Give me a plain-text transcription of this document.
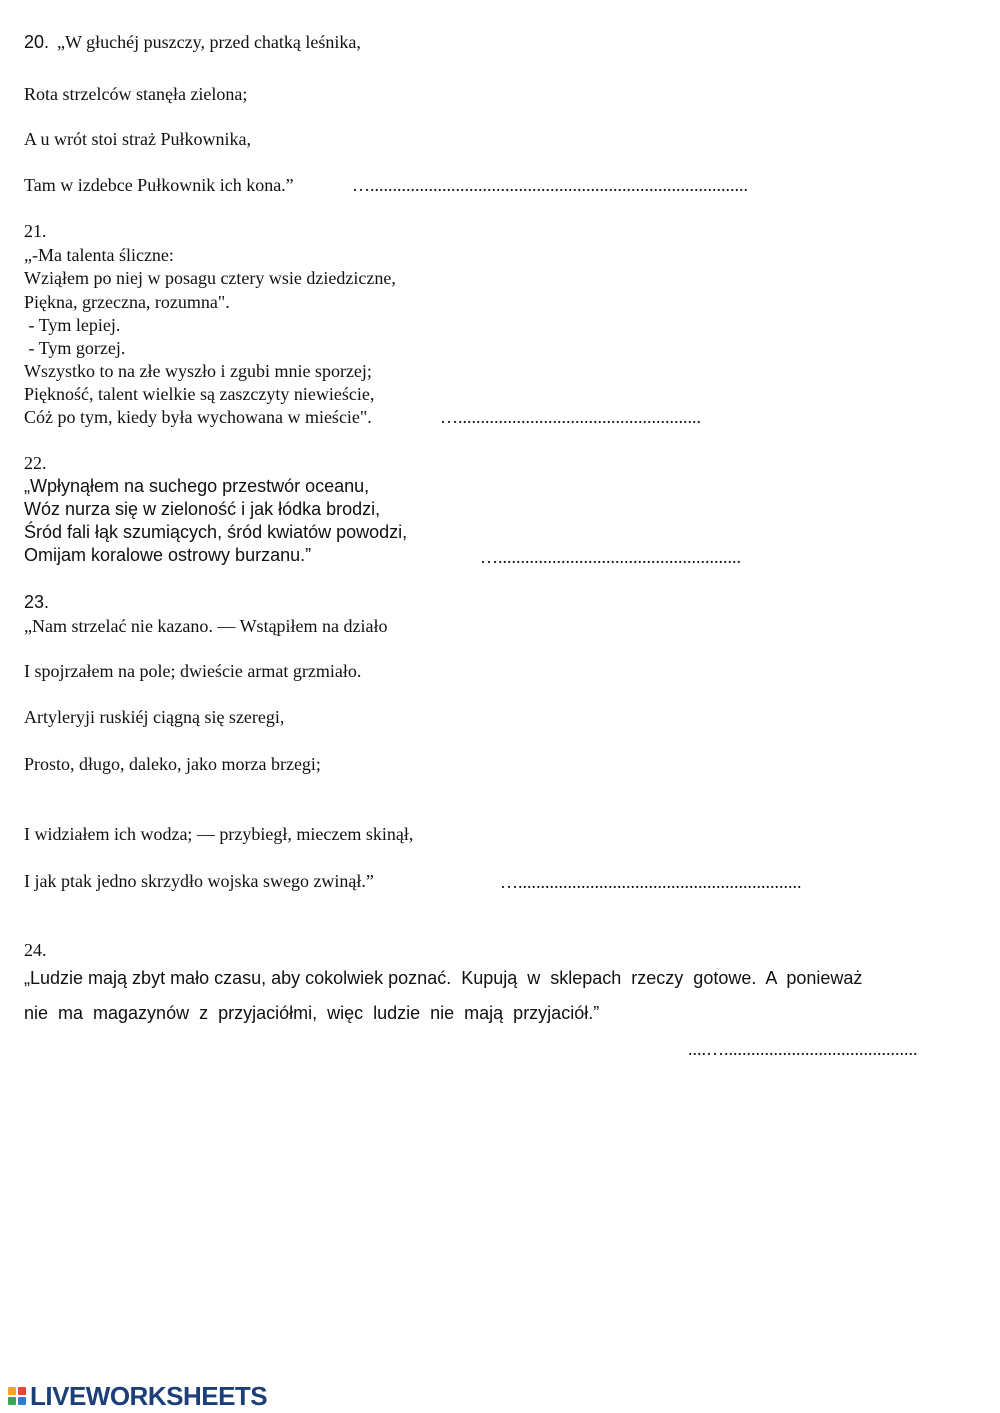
20. „W głuchéj puszczy, przed chatką leśnika,
Rota strzelców stanęła zielona;
A u wrót stoi straż Pułkownika,
Tam w izdebce Pułkownik ich kona.”	…....................................................................................
21.
„-Ma talenta śliczne:
Wziąłem po niej w posagu cztery wsie dziedziczne,
Piękna, grzeczna, rozumna".
- Tym lepiej.
- Tym gorzej.
Wszystko to na złe wyszło i zgubi mnie sporzej;
Piękność, talent wielkie są zaszczyty niewieście,
Cóż po tym, kiedy była wychowana w mieście".	…......................................................
22.
„Wpłynąłem na suchego przestwór oceanu,
Wóz nurza się w zieloność i jak łódka brodzi,
Śród fali łąk szumiących, śród kwiatów powodzi,
Omijam koralowe ostrowy burzanu.”	…......................................................
23.
„Nam strzelać nie kazano. — Wstąpiłem na działo
I spojrzałem na pole; dwieście armat grzmiało.
Artyleryji ruskiéj ciągną się szeregi,
Prosto, długo, daleko, jako morza brzegi;
I widziałem ich wodza; — przybiegł, mieczem skinął,
I jak ptak jedno skrzydło wojska swego zwinął.”	…...............................................................
24.
„Ludzie mają zbyt mało czasu, aby cokolwiek poznać.  Kupują  w  sklepach  rzeczy  gotowe.  A  ponieważ
nie  ma  magazynów  z  przyjaciółmi,  więc  ludzie  nie  mają  przyjaciół.”
....…...........................................
LIVEWORKSHEETS
